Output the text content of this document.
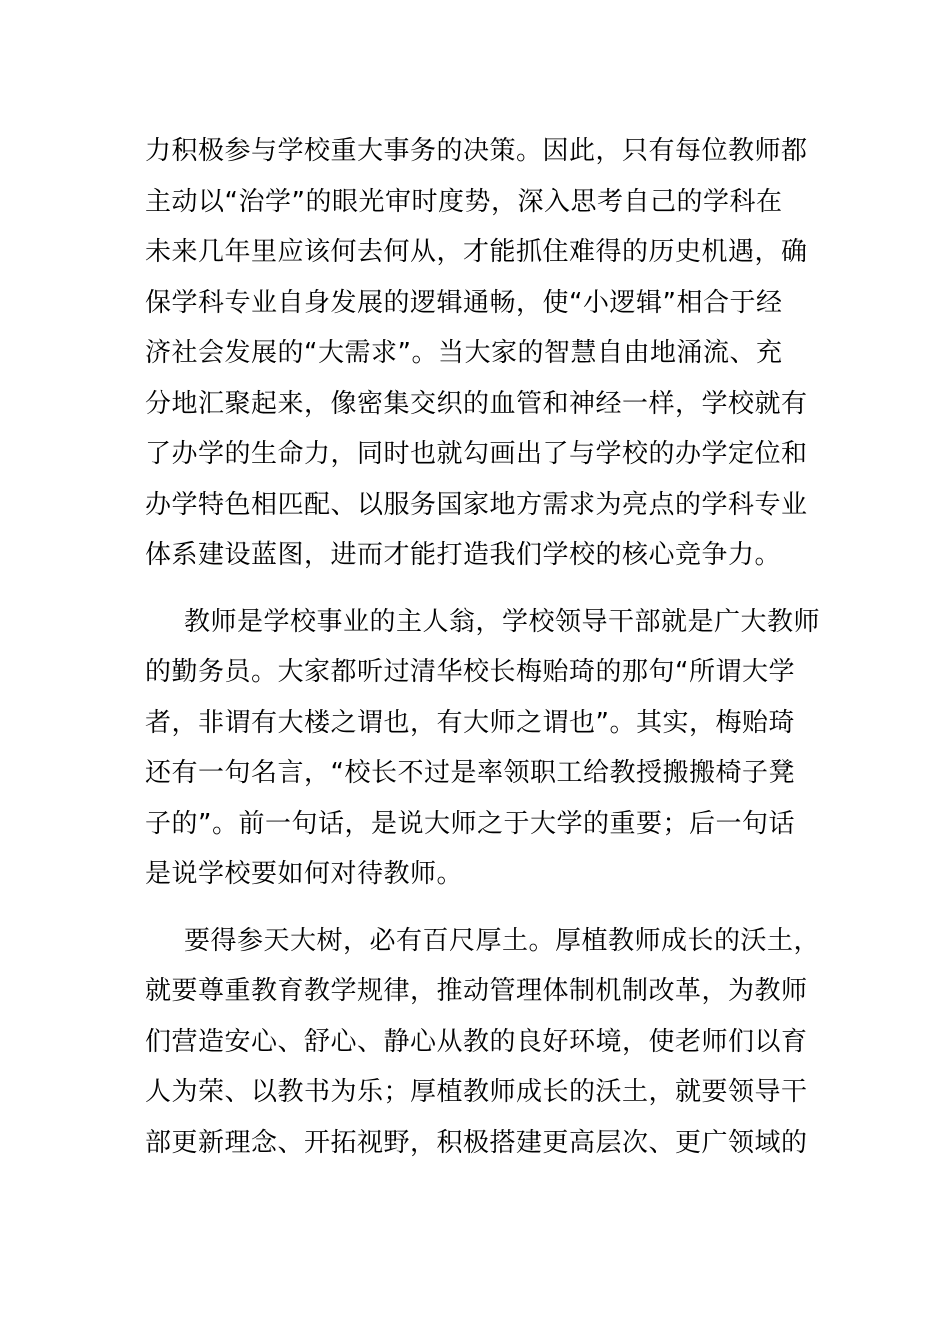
力积极参与学校重大事务的决策。因此，只有每位教师都
主动以“治学”的眼光审时度势，深入思考自己的学科在
未来几年里应该何去何从，才能抓住难得的历史机遇，确
保学科专业自身发展的逻辑通畅，使“小逻辑”相合于经
济社会发展的“大需求”。当大家的智慧自由地涌流、充
分地汇聚起来，像密集交织的血管和神经一样，学校就有
了办学的生命力，同时也就勾画出了与学校的办学定位和
办学特色相匹配、以服务国家地方需求为亮点的学科专业
体系建设蓝图，进而才能打造我们学校的核心竞争力。
教师是学校事业的主人翁，学校领导干部就是广大教师
的勤务员。大家都听过清华校长梅贻琦的那句“所谓大学
者，非谓有大楼之谓也，有大师之谓也”。其实，梅贻琦
还有一句名言，“校长不过是率领职工给教授搬搬椅子凳
子的”。前一句话，是说大师之于大学的重要；后一句话
是说学校要如何对待教师。
要得参天大树，必有百尺厚土。厚植教师成长的沃土，
就要尊重教育教学规律，推动管理体制机制改革，为教师
们营造安心、舒心、静心从教的良好环境，使老师们以育
人为荣、以教书为乐；厚植教师成长的沃土，就要领导干
部更新理念、开拓视野，积极搭建更高层次、更广领域的
